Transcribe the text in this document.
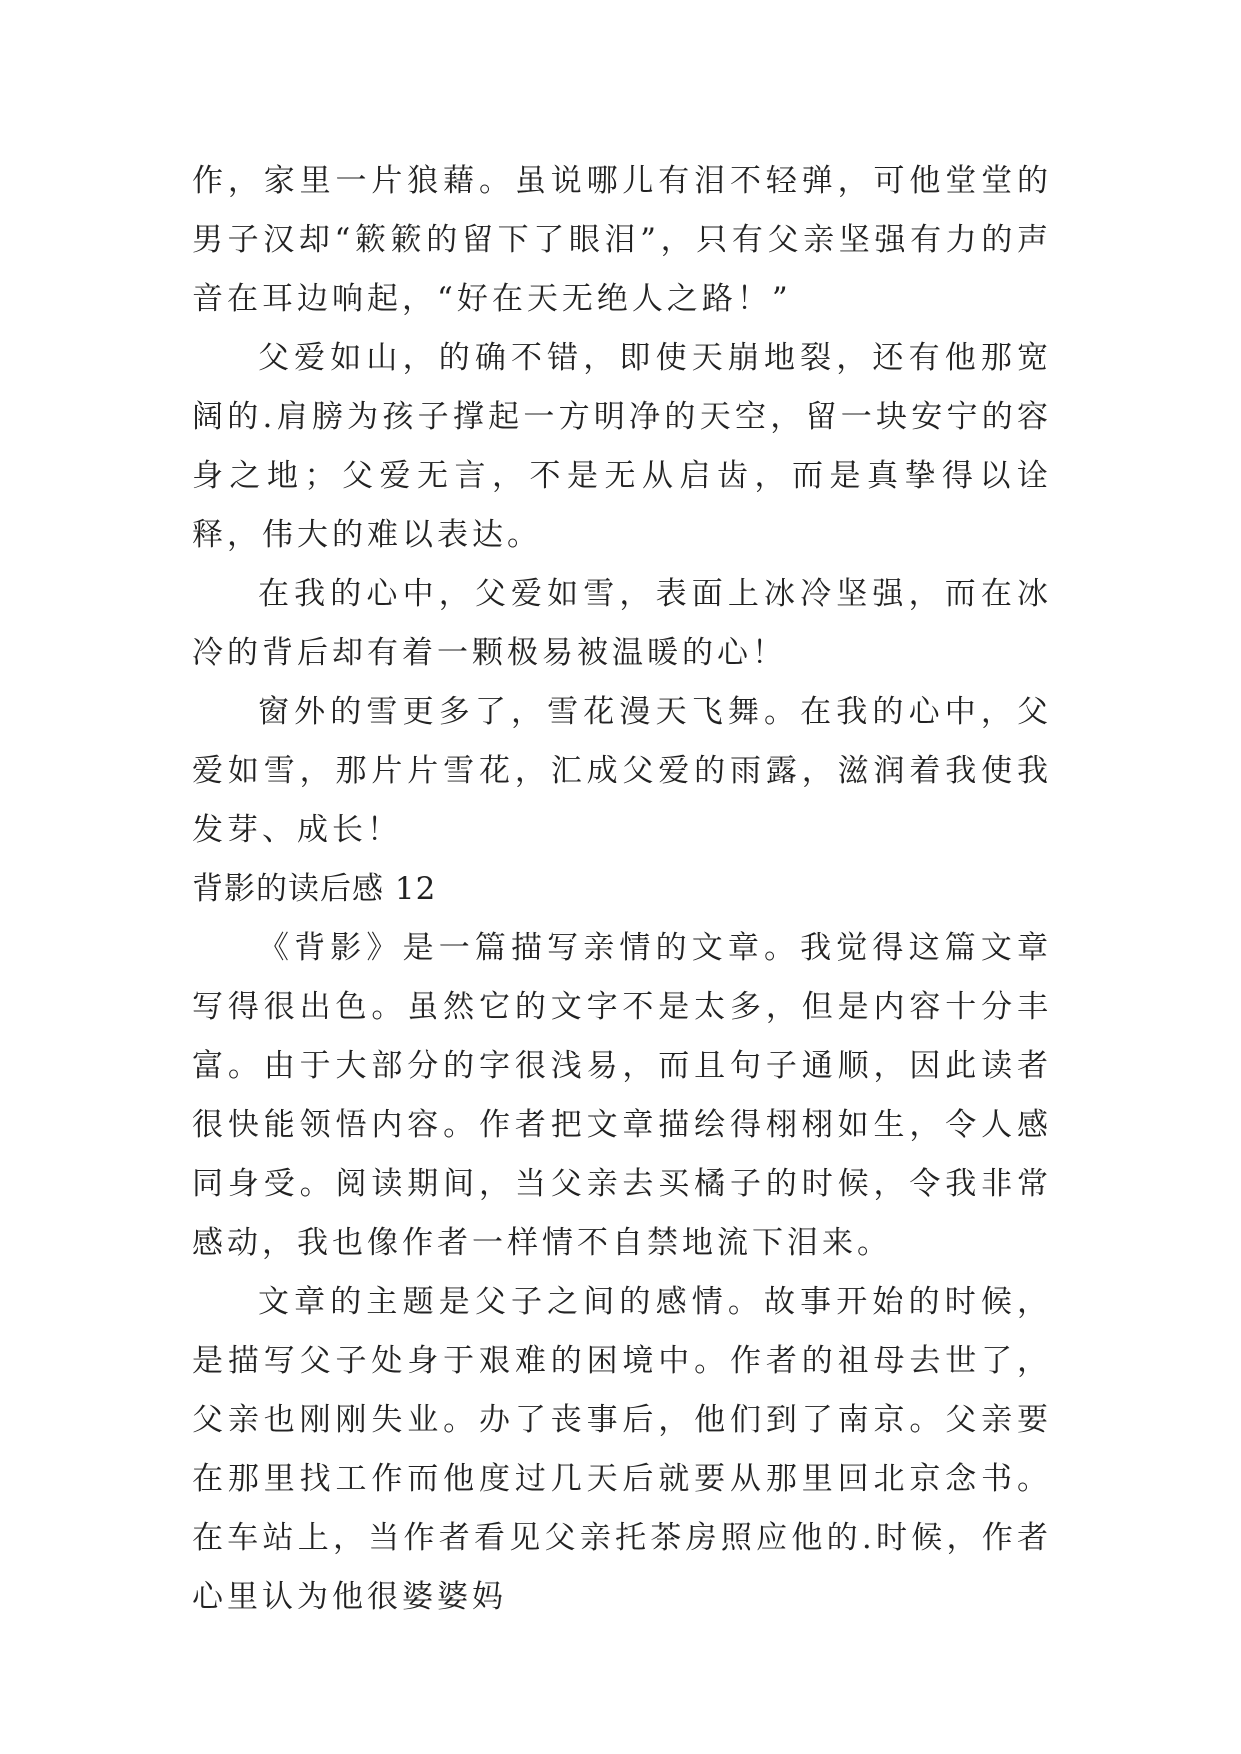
作，家里一片狼藉。虽说哪儿有泪不轻弹，可他堂堂的男子汉却“簌簌的留下了眼泪”，只有父亲坚强有力的声音在耳边响起，“好在天无绝人之路！”

父爱如山，的确不错，即使天崩地裂，还有他那宽阔的.肩膀为孩子撑起一方明净的天空，留一块安宁的容身之地；父爱无言，不是无从启齿，而是真挚得以诠释，伟大的难以表达。

在我的心中，父爱如雪，表面上冰冷坚强，而在冰冷的背后却有着一颗极易被温暖的心！

窗外的雪更多了，雪花漫天飞舞。在我的心中，父爱如雪，那片片雪花，汇成父爱的雨露，滋润着我使我发芽、成长！

背影的读后感 12

《背影》是一篇描写亲情的文章。我觉得这篇文章写得很出色。虽然它的文字不是太多，但是内容十分丰富。由于大部分的字很浅易，而且句子通顺，因此读者很快能领悟内容。作者把文章描绘得栩栩如生，令人感同身受。阅读期间，当父亲去买橘子的时候，令我非常感动，我也像作者一样情不自禁地流下泪来。

文章的主题是父子之间的感情。故事开始的时候，是描写父子处身于艰难的困境中。作者的祖母去世了，父亲也刚刚失业。办了丧事后，他们到了南京。父亲要在那里找工作而他度过几天后就要从那里回北京念书。在车站上，当作者看见父亲托茶房照应他的.时候，作者心里认为他很婆婆妈
